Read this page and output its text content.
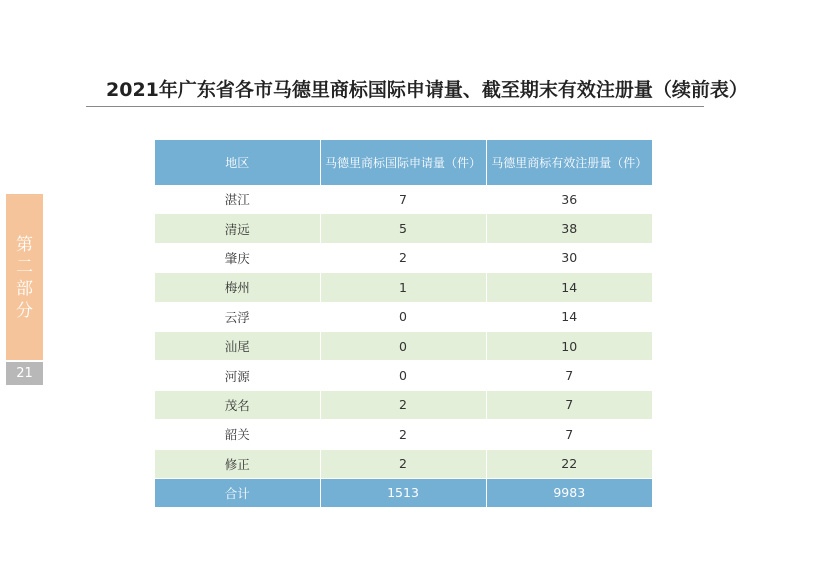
2021年广东省各市马德里商标国际申请量、截至期末有效注册量（续前表）
第
二
部
分
21
地区	马德里商标国际申请量（件）	马德里商标有效注册量（件）
湛江	7	36
清远	5	38
肇庆	2	30
梅州	1	14
云浮	0	14
汕尾	0	10
河源	0	7
茂名	2	7
韶关	2	7
修正	2	22
合计	1513	9983
